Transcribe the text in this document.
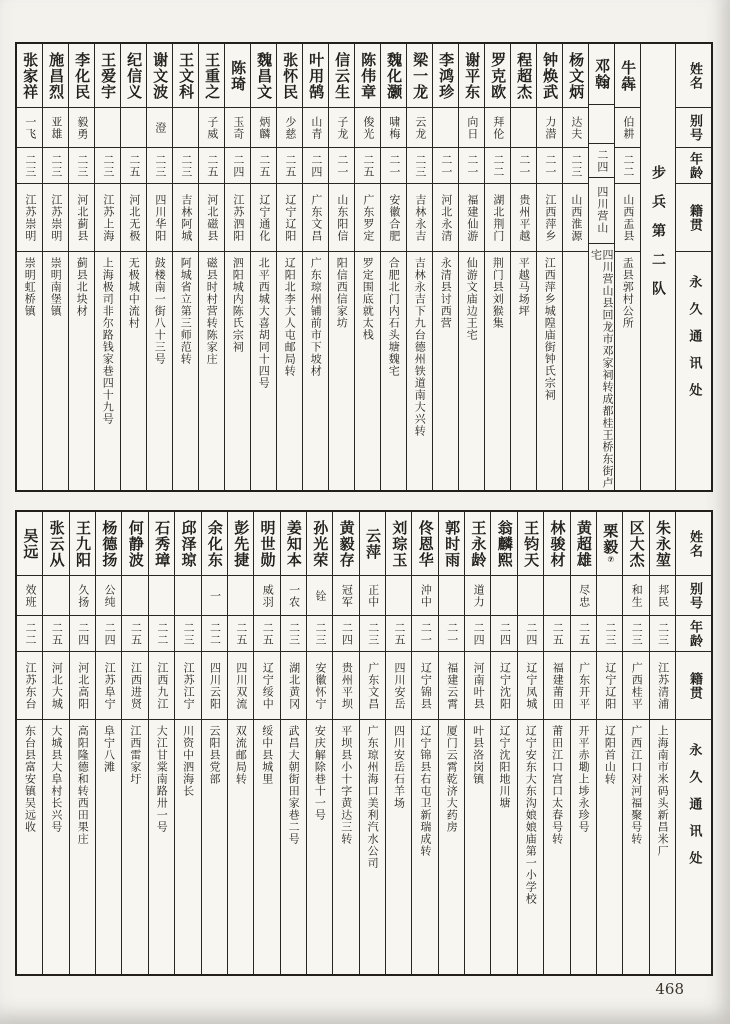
姓名
别号
年龄
籍贯
永久通讯处
步兵第二队
牛犇
伯耕
二二
山西盂县
盂县郭村公所
邓翰
二四
四川营山
四川营山县回龙市邓家祠转成都桂王桥东街卢宅
杨文炳
达夫
二三
山西淮源
钟焕武
力潜
二一
江西萍乡
江西萍乡城隍庙街钟氏宗祠
程超杰
二一
贵州平越
平越马场坪
罗克欧
拜伦
二二
湖北荆门
荆门县刘猴集
谢平东
向日
二一
福建仙游
仙游文庙边王宅
李鸿珍
二一
河北永清
永清县讨西营
梁一龙
云龙
二三
吉林永吉
吉林永吉下九台德州铁道南大兴转
魏化灏
啸梅
二一
安徽合肥
合肥北门内石头塘魏宅
陈伟章
俊光
二五
广东罗定
罗定围底就太栈
信云生
子龙
二一
山东阳信
阳信西信家坊
叶用鹄
山青
二四
广东文昌
广东琼州铺前市下坡材
张怀民
少慈
二五
辽宁辽阳
辽阳北李大人屯邮局转
魏昌文
炳麟
二五
辽宁通化
北平西城大喜胡同十四号
陈琦
玉奇
二四
江苏泗阳
泗阳城内陈氏宗祠
王重之
子威
二五
河北磁县
磁县时村营转陈家庄
王文科
二三
吉林阿城
阿城省立第三师范转
谢文波
澄
二三
四川华阳
鼓楼南一街八十三号
纪信义
二五
河北无极
无极城中流村
王爱宇
二三
江苏上海
上海极司非尔路钱家巷四十九号
李化民
毅勇
二三
河北蓟县
蓟县北块材
施昌烈
亚雄
二三
江苏崇明
崇明南堡镇
张家祥
一飞
二三
江苏崇明
崇明虹桥镇
姓名
别号
年龄
籍贯
永久通讯处
朱永堃
邦民
二三
江苏清浦
上海南市米码头新昌米厂
区大杰
和生
二三
广西桂平
广西江口对河福聚号转
栗毅⑦
二三
辽宁辽阳
辽阳首山转
黄超雄
尽忠
二五
广东开平
开平赤墈上埗永珍号
林骏材
二五
福建莆田
莆田江口宫口太春号转
王钧天
二四
辽宁凤城
辽宁安东大东沟娘娘庙第一小学校
翁麟熙
二四
辽宁沈阳
辽宁沈阳地川塘
王永龄
道力
二四
河南叶县
叶县洛岗镇
郭时雨
二一
福建云霄
厦门云霄乾济大药房
佟恩华
沖中
二一
辽宁锦县
辽宁锦县右屯卫新瑞成转
刘琮玉
二五
四川安岳
四川安岳石羊场
云萍
正中
二三
广东文昌
广东琼州海口美利汽水公司
黄毅存
冠军
二四
贵州平坝
平坝县小十字黄达三转
孙光荣
铨
二三
安徽怀宁
安庆解除巷十一号
姜知本
一农
二三
湖北黄冈
武昌大朝街田家巷二号
明世勋
威羽
二五
辽宁绥中
绥中县城里
彭先捷
二五
四川双流
双流邮局转
余化东
一
二二
四川云阳
云阳县党部
邱泽琼
二三
江苏江宁
川资中泗海长
石秀璋
二二
江西九江
大江甘棠南路卅一号
何静波
二五
江西进贤
江西雷家圩
杨德扬
公纯
二四
江苏阜宁
阜宁八滩
王九阳
久扬
二四
河北高阳
高阳隆德和转西田果庄
张云从
二五
河北大城
大城县大阜村长兴号
吴远
效班
二二
江苏东台
东台县富安镇吴远收
468
